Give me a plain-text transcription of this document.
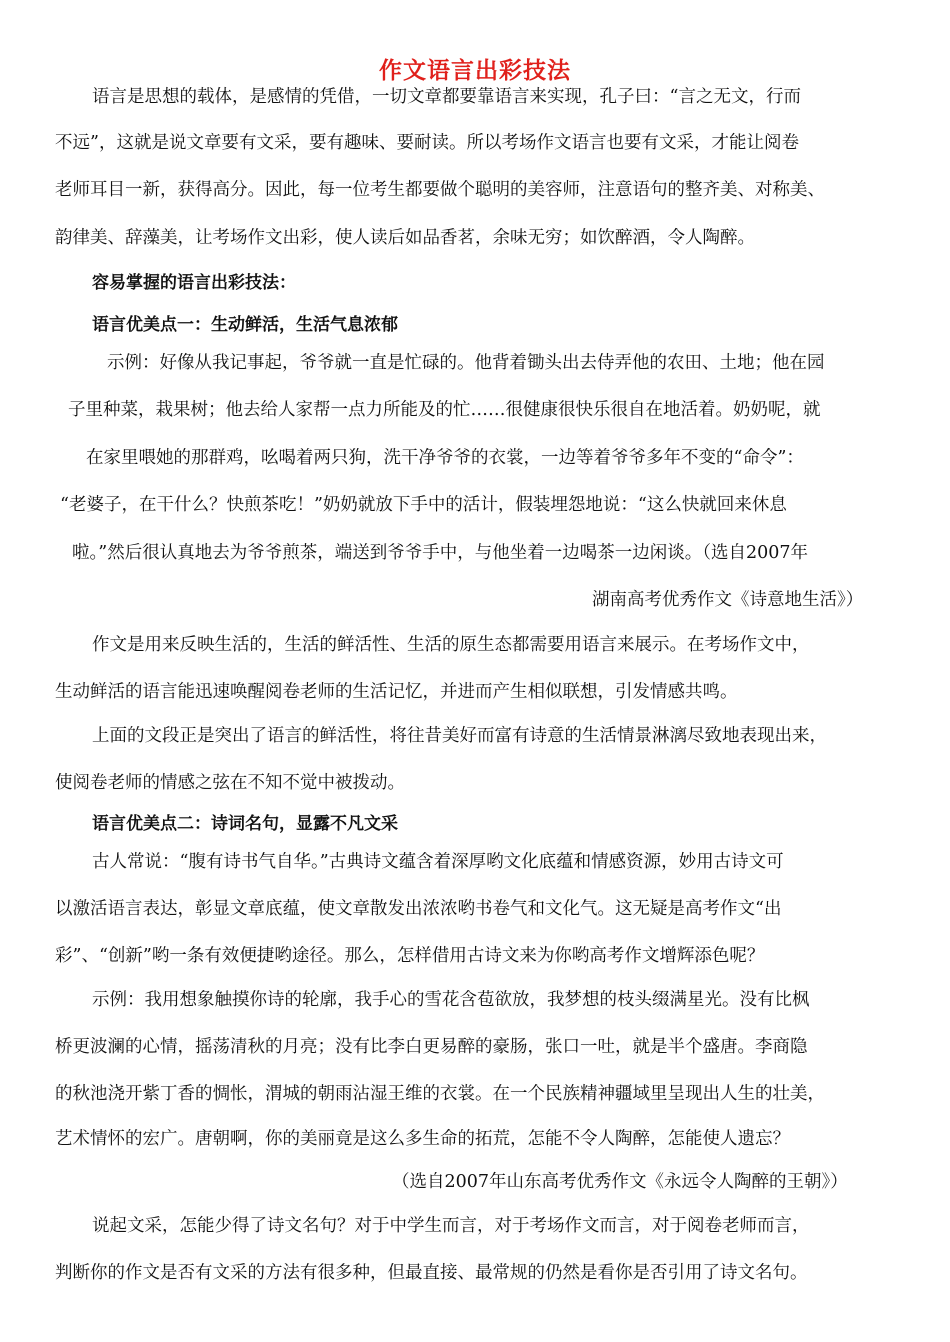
作文语言出彩技法
语言是思想的载体，是感情的凭借，一切文章都要靠语言来实现，孔子曰：“言之无文，行而
不远”，这就是说文章要有文采，要有趣味、要耐读。所以考场作文语言也要有文采，才能让阅卷
老师耳目一新，获得高分。因此，每一位考生都要做个聪明的美容师，注意语句的整齐美、对称美、
韵律美、辞藻美，让考场作文出彩，使人读后如品香茗，余味无穷；如饮醉酒，令人陶醉。
容易掌握的语言出彩技法：
语言优美点一：生动鲜活，生活气息浓郁
示例：好像从我记事起，爷爷就一直是忙碌的。他背着锄头出去侍弄他的农田、土地；他在园
子里种菜，栽果树；他去给人家帮一点力所能及的忙……很健康很快乐很自在地活着。奶奶呢，就
在家里喂她的那群鸡，吆喝着两只狗，洗干净爷爷的衣裳，一边等着爷爷多年不变的“命令”：
“老婆子，在干什么？快煎茶吃！”奶奶就放下手中的活计，假装埋怨地说：“这么快就回来休息
啦。”然后很认真地去为爷爷煎茶，端送到爷爷手中，与他坐着一边喝茶一边闲谈。（选自2007年
湖南高考优秀作文《诗意地生活》）
作文是用来反映生活的，生活的鲜活性、生活的原生态都需要用语言来展示。在考场作文中，
生动鲜活的语言能迅速唤醒阅卷老师的生活记忆，并进而产生相似联想，引发情感共鸣。
上面的文段正是突出了语言的鲜活性，将往昔美好而富有诗意的生活情景淋漓尽致地表现出来，
使阅卷老师的情感之弦在不知不觉中被拨动。
语言优美点二：诗词名句，显露不凡文采
古人常说：“腹有诗书气自华。”古典诗文蕴含着深厚哟文化底蕴和情感资源，妙用古诗文可
以激活语言表达，彰显文章底蕴，使文章散发出浓浓哟书卷气和文化气。这无疑是高考作文“出
彩”、“创新”哟一条有效便捷哟途径。那么，怎样借用古诗文来为你哟高考作文增辉添色呢？
示例：我用想象触摸你诗的轮廓，我手心的雪花含苞欲放，我梦想的枝头缀满星光。没有比枫
桥更波澜的心情，摇荡清秋的月亮；没有比李白更易醉的豪肠，张口一吐，就是半个盛唐。李商隐
的秋池浇开紫丁香的惆怅，渭城的朝雨沾湿王维的衣裳。在一个民族精神疆域里呈现出人生的壮美，
艺术情怀的宏广。唐朝啊，你的美丽竟是这么多生命的拓荒，怎能不令人陶醉，怎能使人遗忘？
（选自2007年山东高考优秀作文《永远令人陶醉的王朝》）
说起文采，怎能少得了诗文名句？对于中学生而言，对于考场作文而言，对于阅卷老师而言，
判断你的作文是否有文采的方法有很多种，但最直接、最常规的仍然是看你是否引用了诗文名句。
